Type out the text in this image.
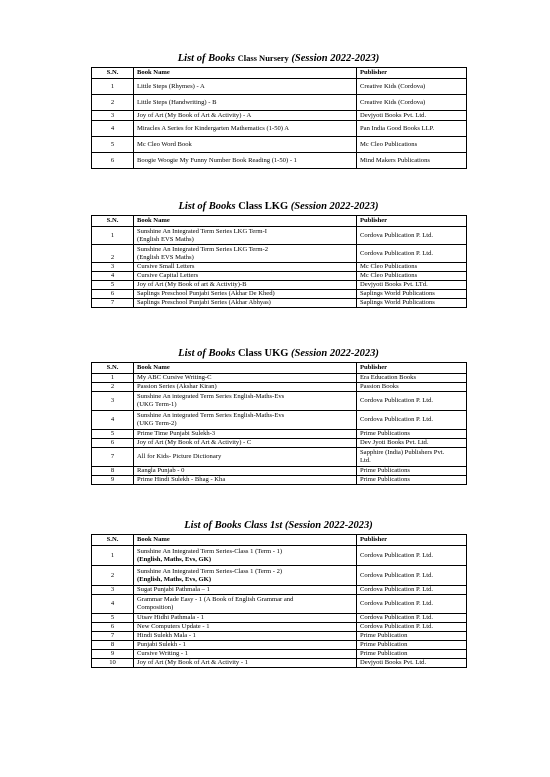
List of Books Class Nursery (Session 2022-2023)
S.N.	Book Name	Publisher
1	Little Steps (Rhymes) - A	Creative Kids (Cordova)
2	Little Steps (Handwriting) - B	Creative Kids (Cordova)
3	Joy of Art (My Book of Art & Activity) - A	Devjyoti Books Pvt. Ltd.
4	Miracles A Series for Kindergarten Mathematics (1-50) A	Pan India Good Books LLP.
5	Mc Cleo Word Book	Mc Cleo Publications
6	Boogie Woogie My Funny Number Book Reading (1-50) - 1	Mind Makers Publications
List of Books Class LKG (Session 2022-2023)
S.N.	Book Name	Publisher
1	Sunshine An Integrated Term Series LKG Term-I
(English EVS Maths)	Cordova Publication P. Ltd.
2	Sunshine An Integrated Term Series LKG Term-2
(English EVS Maths)	Cordova Publication P. Ltd.
3	Cursive Small Letters	Mc Cleo Publications
4	Cursive Capital Letters	Mc Cleo Publications
5	Joy of Art (My Book of art & Activity)-B	Devjyoti Books Pvt. LTd.
6	Saplings Preschool Punjabi Series (Akhar De Khed)	Saplings World Publications
7	Saplings Preschool Punjabi Series (Akhar Abhyas)	Saplings World Publications
List of Books Class UKG (Session 2022-2023)
S.N.	Book Name	Publisher
1	My ABC Cursive Writing-C	Era Education Books
2	Passion Series (Akshar Kiran)	Passion Books
3	Sunshine An integrated Term Series English-Maths-Evs
(UKG Term-1)	Cordova Publication P. Ltd.
4	Sunshine An integrated Term Series English-Maths-Evs
(UKG Term-2)	Cordova Publication P. Ltd.
5	Prime Time Punjabi Sulekh-3	Prime Publications
6	Joy of Art (My Book of Art & Activity) - C	Dev Jyoti Books Pvt. Ltd.
7	All for Kids- Picture Dictionary	Sapphire (India) Publishers Pvt.
Ltd.

8	Rangla Punjab - 0	Prime Publications
9	Prime Hindi Sulekh - Bhag - Kha	Prime Publications
List of Books Class 1st (Session 2022-2023)
S.N.	Book Name	Publisher
1	Sunshine An Integrated Term Series-Class 1 (Term - 1)
(English, Maths, Evs, GK)	Cordova Publication P. Ltd.
2	Sunshine An Integrated Term Series-Class 1 (Term - 2)
(English, Maths, Evs, GK)	Cordova Publication P. Ltd.
3	Sugat Punjabi Pathmala – 1	Cordova Publication P. Ltd.
4	Grammar Made Easy - 1 (A Book of English Grammar and
Composition)	Cordova Publication P. Ltd.
5	Utsav Hidhi Pathmala - 1	Cordova Publication P. Ltd.
6	New Computers Update - 1	Cordova Publication P. Ltd.
7	Hindi Sulekh Mala - 1	Prime Publication
8	Punjabi Sulekh - 1	Prime Publication
9	Cursive Writing - 1	Prime Publication
10	Joy of Art (My Book of Art & Activity - 1	Devjyoti Books Pvt. Ltd.
